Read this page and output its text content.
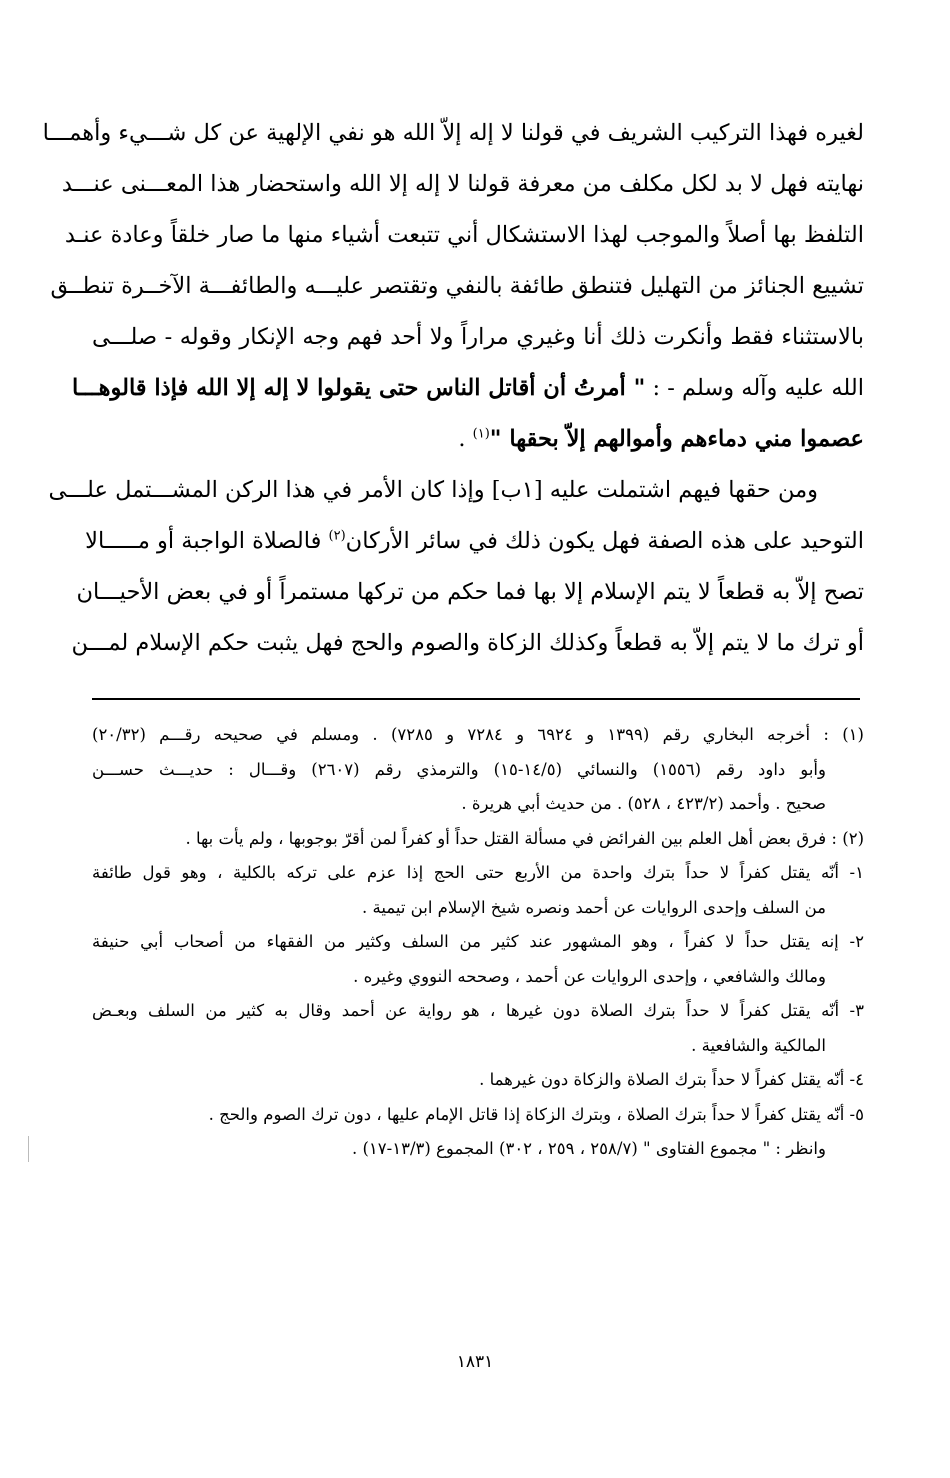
لغيره فهذا التركيب الشريف في قولنا لا إله إلاّ الله هو نفي الإلهية عن كل شـــيء وأهمـــا
نهايته فهل لا بد لكل مكلف من معرفة قولنا لا إله إلا الله واستحضار هذا المعـــنى عنـــد
التلفظ بها أصلاً والموجب لهذا الاستشكال أني تتبعت أشياء منها ما صار خلقاً وعادة عنـد
تشييع الجنائز من التهليل فتنطق طائفة بالنفي وتقتصر عليـــه والطائفـــة الآخــرة تنطــق
بالاستثناء فقط وأنكرت ذلك أنا وغيري مراراً ولا أحد فهم وجه الإنكار وقوله - صلـــى
الله عليه وآله وسلم - : " أمرتُ أن أقاتل الناس حتى يقولوا لا إله إلا الله فإذا قالوهـــا
عصموا مني دماءهم وأموالهم إلاّ بحقها "$^{(١)}$ .
ومن حقها فيهم اشتملت عليه [١ب] وإذا كان الأمر في هذا الركن المشـــتمل علـــى
التوحيد على هذه الصفة فهل يكون ذلك في سائر الأركان$^{(٢)}$ فالصلاة الواجبة أو مـــــالا
تصح إلاّ به قطعاً لا يتم الإسلام إلا بها فما حكم من تركها مستمراً أو في بعض الأحيـــان
أو ترك ما لا يتم إلاّ به قطعاً وكذلك الزكاة والصوم والحج فهل يثبت حكم الإسلام لمـــن
(١) : أخرجه البخاري رقم (١٣٩٩ و ٦٩٢٤ و ٧٢٨٤ و ٧٢٨٥) . ومسلم في صحيحه رقـــم (٢٠/٣٢)
وأبو داود رقم (١٥٥٦) والنسائي (١٤/٥-١٥) والترمذي رقم (٢٦٠٧) وقـــال : حديـــث حســـن
صحيح . وأحمد (٤٢٣/٢ ، ٥٢٨) . من حديث أبي هريرة .
(٢) : فرق بعض أهل العلم بين الفرائض في مسألة القتل حداً أو كفراً لمن أقرّ بوجوبها ، ولم يأت بها .
١- أنّه يقتل كفراً لا حداً بترك واحدة من الأربع حتى الحج إذا عزم على تركه بالكلية ، وهو قول طائفة
من السلف وإحدى الروايات عن أحمد ونصره شيخ الإسلام ابن تيمية .
٢- إنه يقتل حداً لا كفراً ، وهو المشهور عند كثير من السلف وكثير من الفقهاء من أصحاب أبي حنيفة
ومالك والشافعي ، وإحدى الروايات عن أحمد ، وصححه النووي وغيره .
٣- أنّه يقتل كفراً لا حداً بترك الصلاة دون غيرها ، هو رواية عن أحمد وقال به كثير من السلف وبعـض
المالكية والشافعية .
٤- أنّه يقتل كفراً لا حداً بترك الصلاة والزكاة دون غيرهما .
٥- أنّه يقتل كفراً لا حداً بترك الصلاة ، وبترك الزكاة إذا قاتل الإمام عليها ، دون ترك الصوم والحج .
وانظر : " مجموع الفتاوى " (٢٥٨/٧ ، ٢٥٩ ، ٣٠٢) المجموع (١٣/٣-١٧) .
١٨٣١
